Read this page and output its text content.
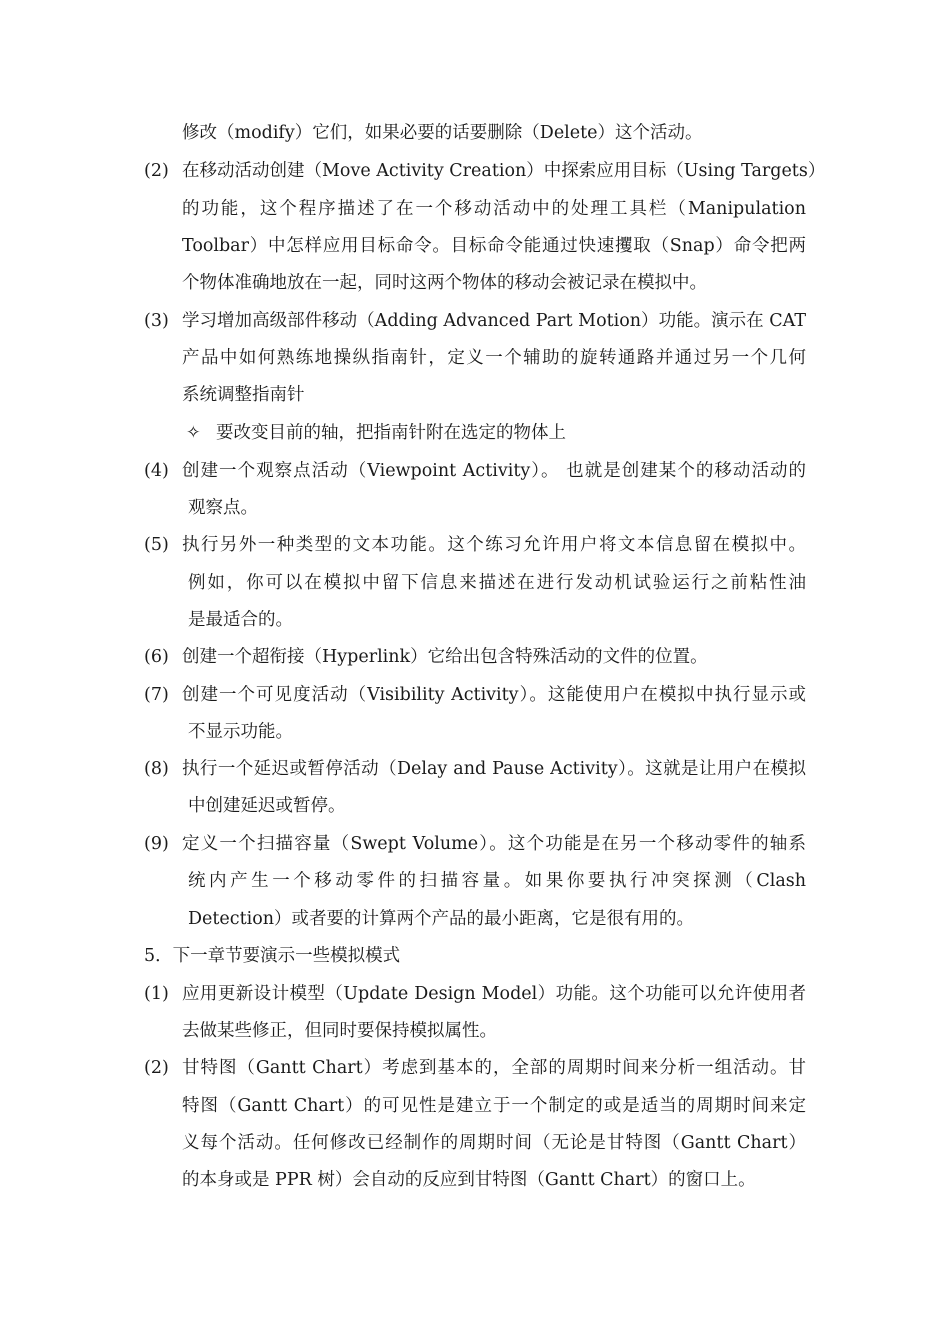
修改（modify）它们，如果必要的话要删除（Delete）这个活动。
(2) 在移动活动创建（Move Activity Creation）中探索应用目标（Using Targets）
的功能，这个程序描述了在一个移动活动中的处理工具栏（Manipulation
Toolbar）中怎样应用目标命令。目标命令能通过快速攫取（Snap）命令把两
个物体准确地放在一起，同时这两个物体的移动会被记录在模拟中。
(3) 学习增加高级部件移动（Adding Advanced Part Motion）功能。演示在 CAT
产品中如何熟练地操纵指南针，定义一个辅助的旋转通路并通过另一个几何
系统调整指南针
✧ 要改变目前的轴，把指南针附在选定的物体上
(4) 创建一个观察点活动（Viewpoint Activity）。 也就是创建某个的移动活动的
观察点。
(5) 执行另外一种类型的文本功能。这个练习允许用户将文本信息留在模拟中。
例如，你可以在模拟中留下信息来描述在进行发动机试验运行之前粘性油
是最适合的。
(6) 创建一个超衔接（Hyperlink）它给出包含特殊活动的文件的位置。
(7) 创建一个可见度活动（Visibility Activity）。这能使用户在模拟中执行显示或
不显示功能。
(8) 执行一个延迟或暂停活动（Delay and Pause Activity）。这就是让用户在模拟
中创建延迟或暂停。
(9) 定义一个扫描容量（Swept Volume）。这个功能是在另一个移动零件的轴系
统内产生一个移动零件的扫描容量。如果你要执行冲突探测（Clash
Detection）或者要的计算两个产品的最小距离，它是很有用的。
5．下一章节要演示一些模拟模式
(1) 应用更新设计模型（Update Design Model）功能。这个功能可以允许使用者
去做某些修正，但同时要保持模拟属性。
(2) 甘特图（Gantt Chart）考虑到基本的，全部的周期时间来分析一组活动。甘
特图（Gantt Chart）的可见性是建立于一个制定的或是适当的周期时间来定
义每个活动。任何修改已经制作的周期时间（无论是甘特图（Gantt Chart）
的本身或是 PPR 树）会自动的反应到甘特图（Gantt Chart）的窗口上。
